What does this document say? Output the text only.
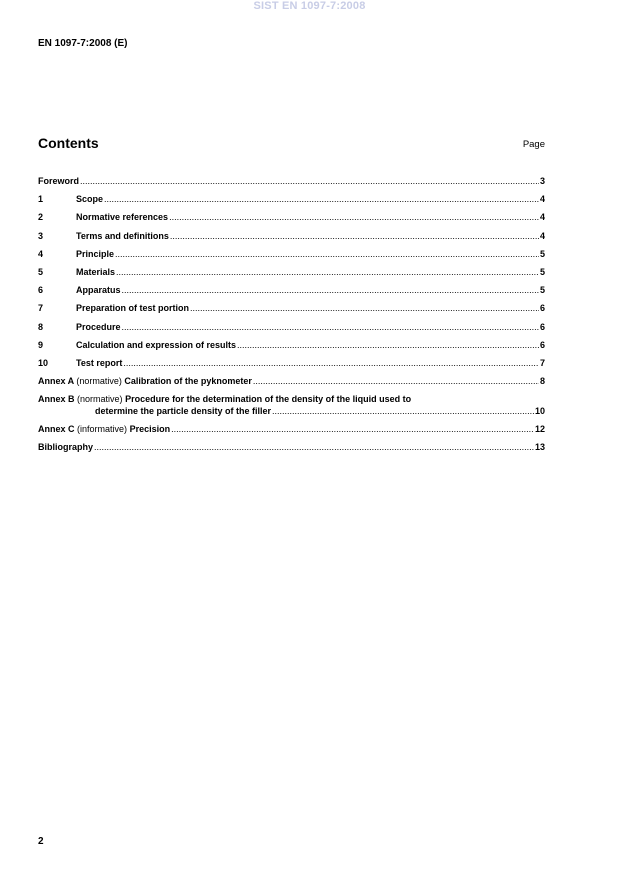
SIST EN 1097-7:2008
EN 1097-7:2008 (E)
Contents	Page
Foreword .....	3
1	Scope .....	4
2	Normative references .....	4
3	Terms and definitions .....	4
4	Principle .....	5
5	Materials .....	5
6	Apparatus .....	5
7	Preparation of test portion .....	6
8	Procedure .....	6
9	Calculation and expression of results .....	6
10	Test report .....	7
Annex A (normative) Calibration of the pyknometer .....	8
Annex B (normative) Procedure for the determination of the density of the liquid used to
determine the particle density of the filler .....	10
Annex C (informative) Precision .....	12
Bibliography .....	13
2
